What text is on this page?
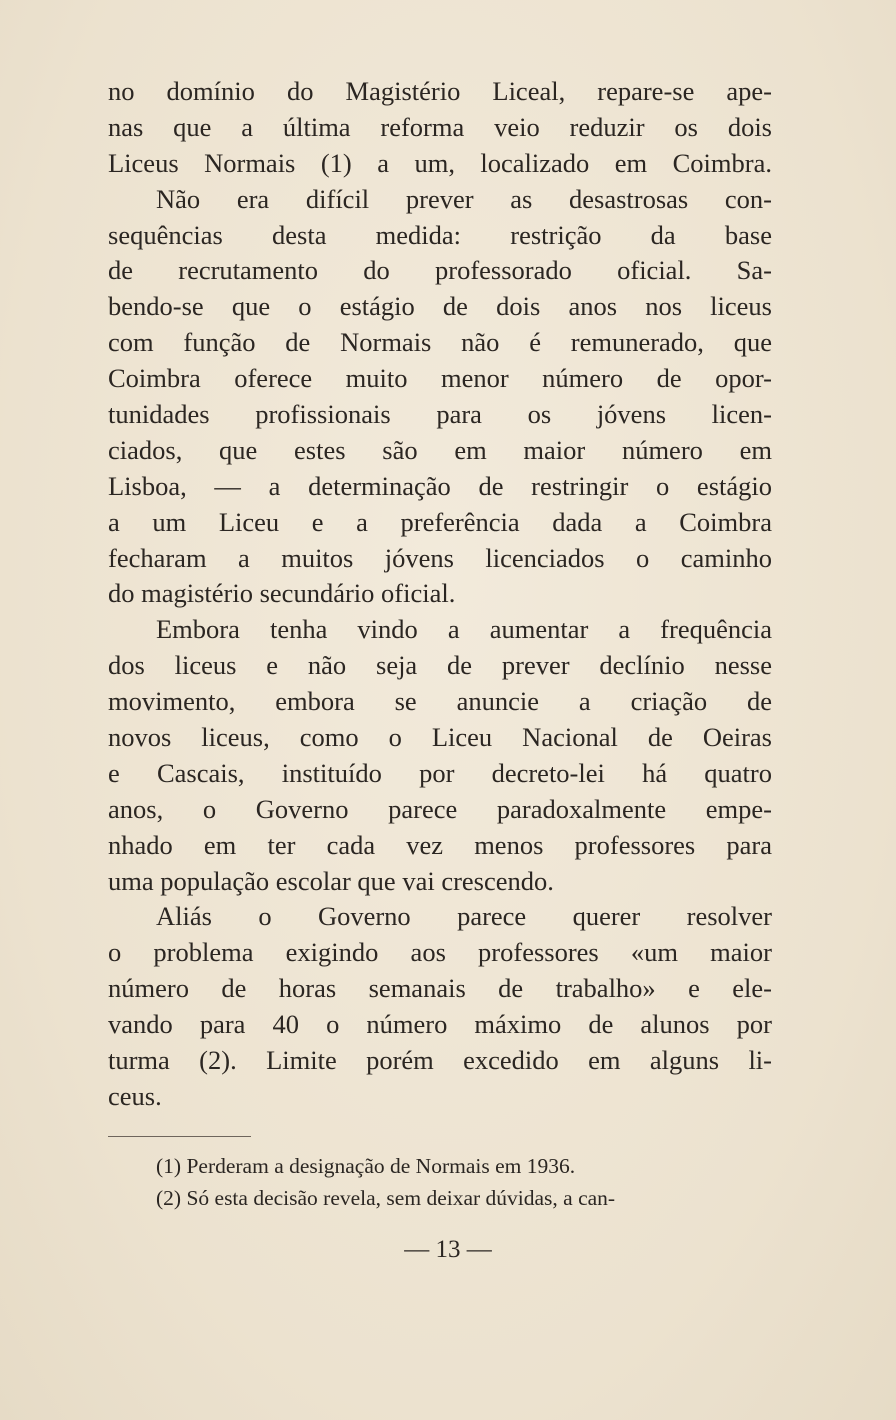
no domínio do Magistério Liceal, repare-se ape-
nas que a última reforma veio reduzir os dois
Liceus Normais (1) a um, localizado em Coimbra.
Não era difícil prever as desastrosas con-
sequências desta medida: restrição da base
de recrutamento do professorado oficial. Sa-
bendo-se que o estágio de dois anos nos liceus
com função de Normais não é remunerado, que
Coimbra oferece muito menor número de opor-
tunidades profissionais para os jóvens licen-
ciados, que estes são em maior número em
Lisboa, — a determinação de restringir o estágio
a um Liceu e a preferência dada a Coimbra
fecharam a muitos jóvens licenciados o caminho
do magistério secundário oficial.
Embora tenha vindo a aumentar a frequência
dos liceus e não seja de prever declínio nesse
movimento, embora se anuncie a criação de
novos liceus, como o Liceu Nacional de Oeiras
e Cascais, instituído por decreto-lei há quatro
anos, o Governo parece paradoxalmente empe-
nhado em ter cada vez menos professores para
uma população escolar que vai crescendo.
Aliás o Governo parece querer resolver
o problema exigindo aos professores «um maior
número de horas semanais de trabalho» e ele-
vando para 40 o número máximo de alunos por
turma (2). Limite porém excedido em alguns li-
ceus.
(1) Perderam a designação de Normais em 1936.
(2) Só esta decisão revela, sem deixar dúvidas, a can-
— 13 —
